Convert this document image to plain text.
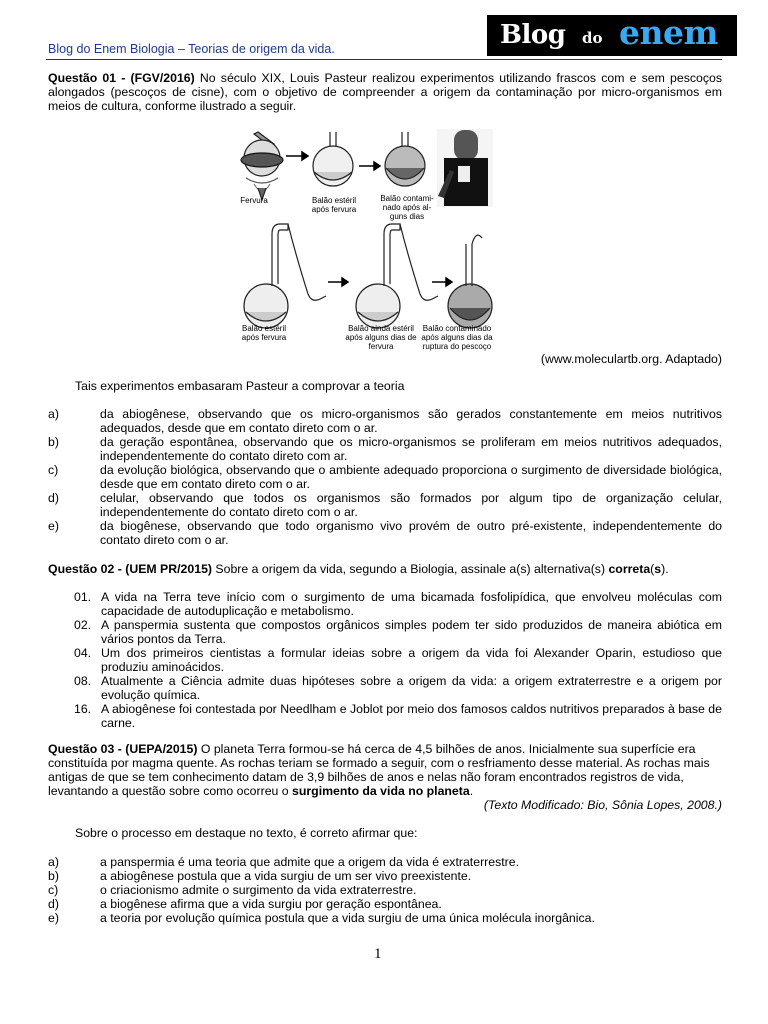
Blog do Enem Biologia – Teorias de origem da vida.	Blog do enem
Questão 01 - (FGV/2016) No século XIX, Louis Pasteur realizou experimentos utilizando frascos com e sem pescoços alongados (pescoços de cisne), com o objetivo de compreender a origem da contaminação por micro-organismos em meios de cultura, conforme ilustrado a seguir.
Fervura	Balão estéril após fervura
Balão contami-nado após al-guns dias
Balão estéril após fervura
Balão ainda estéril após alguns dias de fervura
Balão contaminado após alguns dias da ruptura do pescoço
(www.moleculartb.org. Adaptado)
Tais experimentos embasaram Pasteur a comprovar a teoria
a)	da abiogênese, observando que os micro-organismos são gerados constantemente em meios nutritivos adequados, desde que em contato direto com o ar.
b)	da geração espontânea, observando que os micro-organismos se proliferam em meios nutritivos adequados, independentemente do contato direto com ar.
c)	da evolução biológica, observando que o ambiente adequado proporciona o surgimento de diversidade biológica, desde que em contato direto com o ar.
d)	celular, observando que todos os organismos são formados por algum tipo de organização celular, independentemente do contato direto com o ar.
e)	da biogênese, observando que todo organismo vivo provém de outro pré-existente, independentemente do contato direto com o ar.
Questão 02 - (UEM PR/2015) Sobre a origem da vida, segundo a Biologia, assinale a(s) alternativa(s) correta(s).
01. A vida na Terra teve início com o surgimento de uma bicamada fosfolipídica, que envolveu moléculas com capacidade de autoduplicação e metabolismo.
02. A panspermia sustenta que compostos orgânicos simples podem ter sido produzidos de maneira abiótica em vários pontos da Terra.
04. Um dos primeiros cientistas a formular ideias sobre a origem da vida foi Alexander Oparin, estudioso que produziu aminoácidos.
08. Atualmente a Ciência admite duas hipóteses sobre a origem da vida: a origem extraterrestre e a origem por evolução química.
16. A abiogênese foi contestada por Needlham e Joblot por meio dos famosos caldos nutritivos preparados à base de carne.
Questão 03 - (UEPA/2015) O planeta Terra formou-se há cerca de 4,5 bilhões de anos. Inicialmente sua superfície era constituída por magma quente. As rochas teriam se formado a seguir, com o resfriamento desse material. As rochas mais antigas de que se tem conhecimento datam de 3,9 bilhões de anos e nelas não foram encontrados registros de vida, levantando a questão sobre como ocorreu o surgimento da vida no planeta.
(Texto Modificado: Bio, Sônia Lopes, 2008.)
Sobre o processo em destaque no texto, é correto afirmar que:
a)	a panspermia é uma teoria que admite que a origem da vida é extraterrestre.
b)	a abiogênese postula que a vida surgiu de um ser vivo preexistente.
c)	o criacionismo admite o surgimento da vida extraterrestre.
d)	a biogênese afirma que a vida surgiu por geração espontânea.
e)	a teoria por evolução química postula que a vida surgiu de uma única molécula inorgânica.
1
